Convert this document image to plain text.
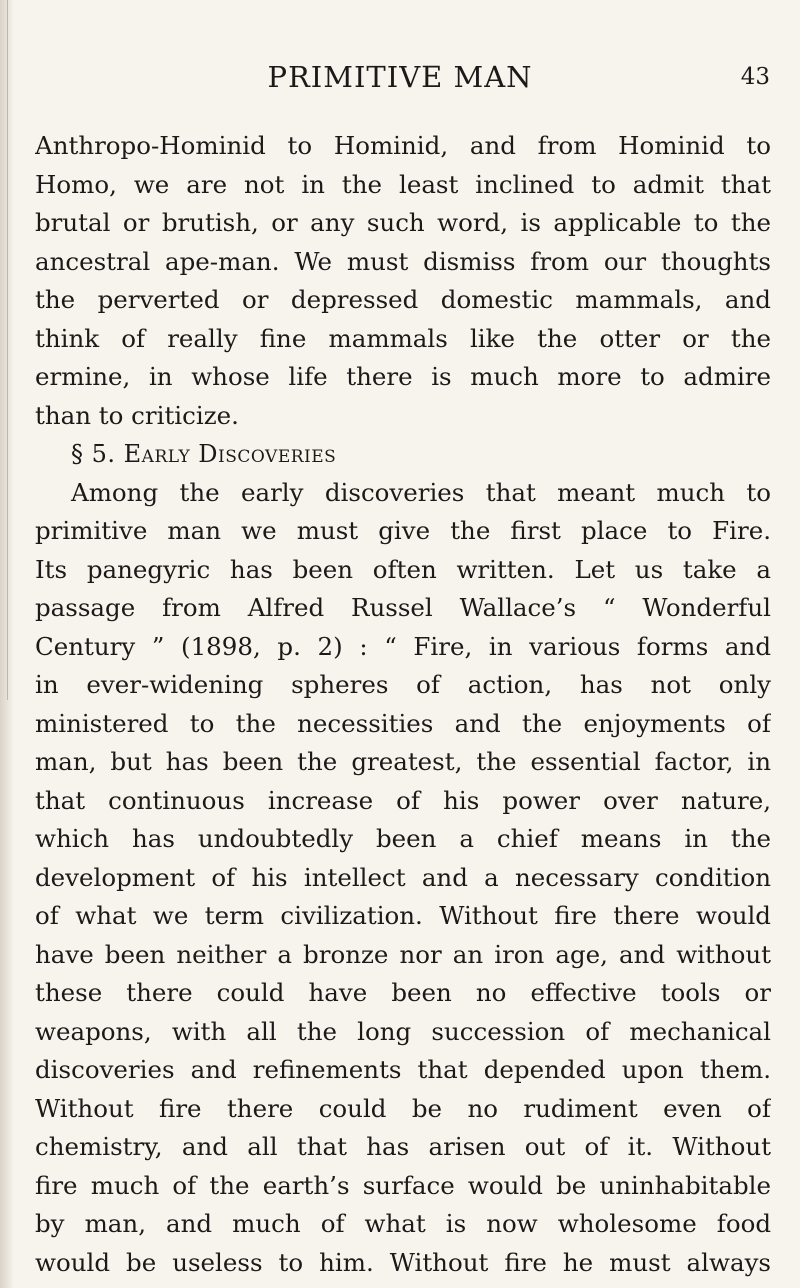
PRIMITIVE MAN	43
Anthropo-Hominid to Hominid, and from Hominid to
Homo, we are not in the least inclined to admit that
brutal or brutish, or any such word, is applicable to the
ancestral ape-man. We must dismiss from our thoughts
the perverted or depressed domestic mammals, and
think of really fine mammals like the otter or the
ermine, in whose life there is much more to admire
than to criticize.
§ 5. Early Discoveries
Among the early discoveries that meant much to
primitive man we must give the first place to Fire.
Its panegyric has been often written. Let us take a
passage from Alfred Russel Wallace’s “ Wonderful
Century ” (1898, p. 2) : “ Fire, in various forms and
in ever-widening spheres of action, has not only
ministered to the necessities and the enjoyments of
man, but has been the greatest, the essential factor, in
that continuous increase of his power over nature,
which has undoubtedly been a chief means in the
development of his intellect and a necessary condition
of what we term civilization. Without fire there would
have been neither a bronze nor an iron age, and without
these there could have been no effective tools or
weapons, with all the long succession of mechanical
discoveries and refinements that depended upon them.
Without fire there could be no rudiment even of
chemistry, and all that has arisen out of it. Without
fire much of the earth’s surface would be uninhabitable
by man, and much of what is now wholesome food
would be useless to him. Without fire he must always
